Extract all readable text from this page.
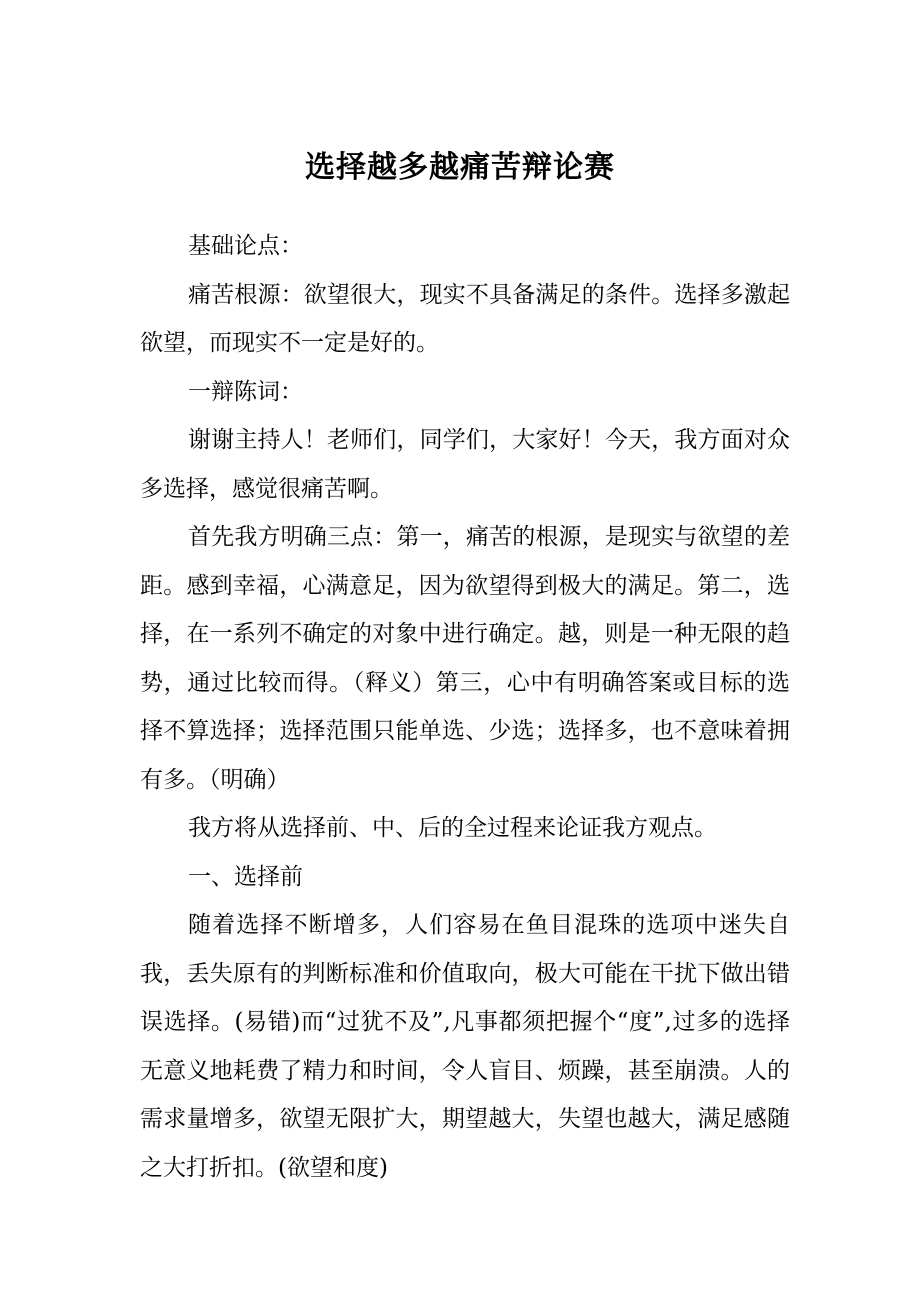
选择越多越痛苦辩论赛

基础论点：

痛苦根源：欲望很大，现实不具备满足的条件。选择多激起欲望，而现实不一定是好的。

一辩陈词：

谢谢主持人！老师们，同学们，大家好！今天，我方面对众多选择，感觉很痛苦啊。

首先我方明确三点：第一，痛苦的根源，是现实与欲望的差距。感到幸福，心满意足，因为欲望得到极大的满足。第二，选择，在一系列不确定的对象中进行确定。越，则是一种无限的趋势，通过比较而得。（释义）第三，心中有明确答案或目标的选择不算选择；选择范围只能单选、少选；选择多，也不意味着拥有多。（明确）

我方将从选择前、中、后的全过程来论证我方观点。

一、选择前

随着选择不断增多，人们容易在鱼目混珠的选项中迷失自我，丢失原有的判断标准和价值取向，极大可能在干扰下做出错误选择。(易错)而“过犹不及”,凡事都须把握个“度”,过多的选择无意义地耗费了精力和时间，令人盲目、烦躁，甚至崩溃。人的需求量增多，欲望无限扩大，期望越大，失望也越大，满足感随之大打折扣。(欲望和度)
